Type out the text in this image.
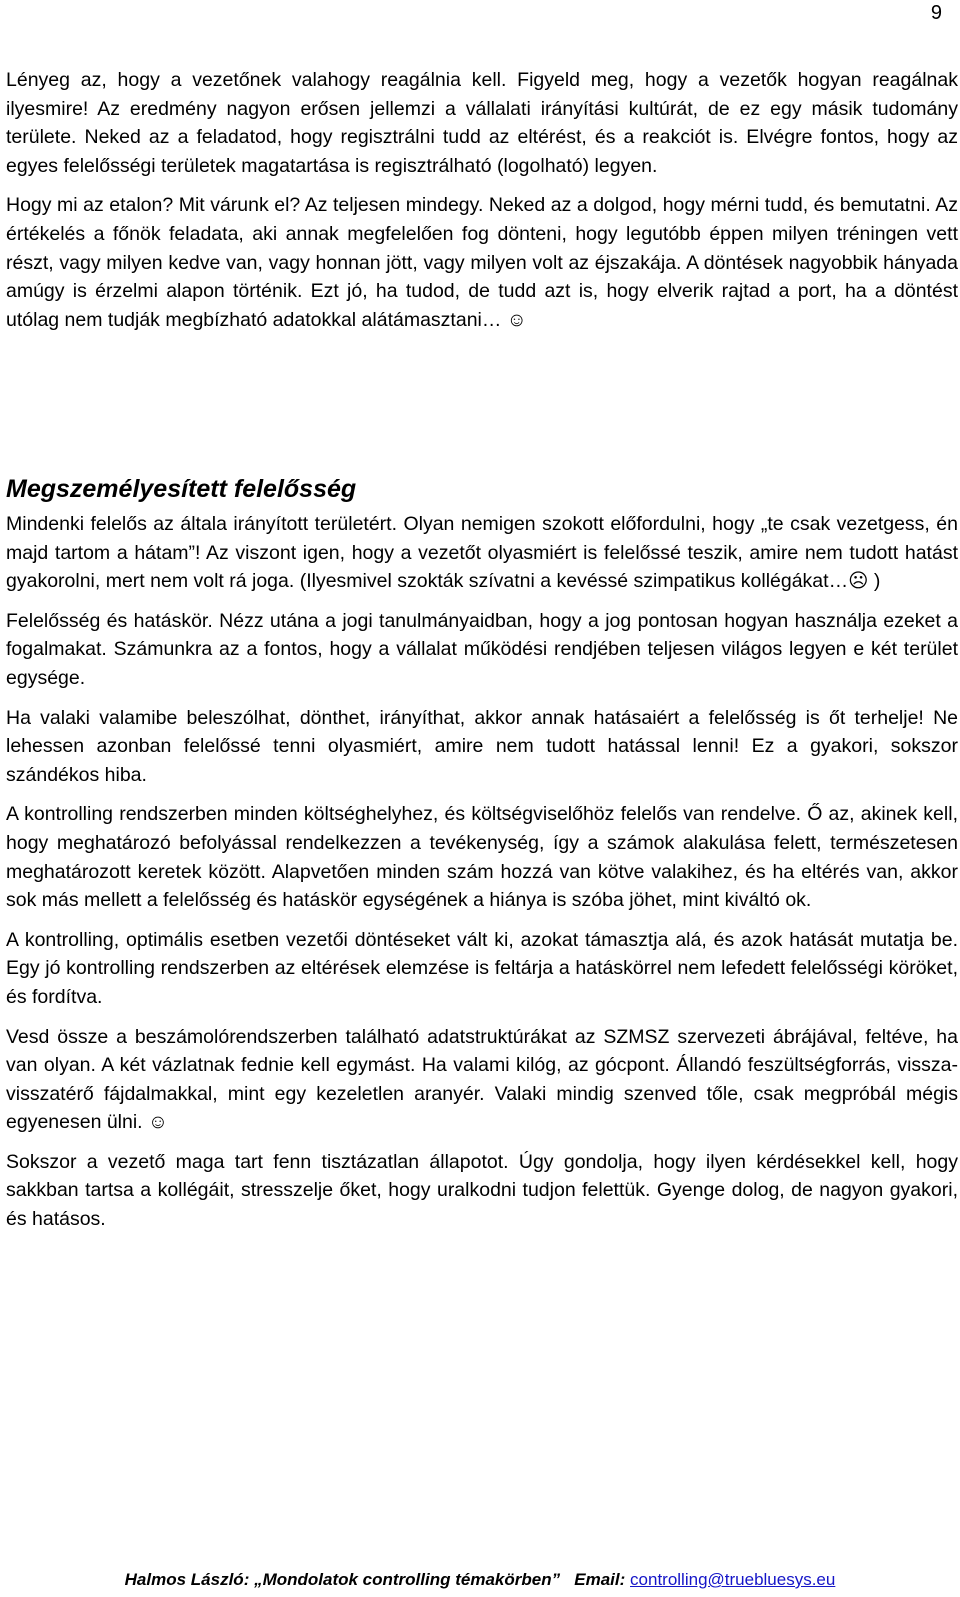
9

Lényeg az, hogy a vezetőnek valahogy reagálnia kell. Figyeld meg, hogy a vezetők hogyan reagálnak ilyesmire! Az eredmény nagyon erősen jellemzi a vállalati irányítási kultúrát, de ez egy másik tudomány területe. Neked az a feladatod, hogy regisztrálni tudd az eltérést, és a reakciót is. Elvégre fontos, hogy az egyes felelősségi területek magatartása is regisztrálható (logolható) legyen.

Hogy mi az etalon? Mit várunk el? Az teljesen mindegy. Neked az a dolgod, hogy mérni tudd, és bemutatni. Az értékelés a főnök feladata, aki annak megfelelően fog dönteni, hogy legutóbb éppen milyen tréningen vett részt, vagy milyen kedve van, vagy honnan jött, vagy milyen volt az éjszakája. A döntések nagyobbik hányada amúgy is érzelmi alapon történik. Ezt jó, ha tudod, de tudd azt is, hogy elverik rajtad a port, ha a döntést utólag nem tudják megbízható adatokkal alátámasztani… ☺

Megszemélyesített felelősség

Mindenki felelős az általa irányított területért. Olyan nemigen szokott előfordulni, hogy „te csak vezetgess, én majd tartom a hátam”! Az viszont igen, hogy a vezetőt olyasmiért is felelőssé teszik, amire nem tudott hatást gyakorolni, mert nem volt rá joga. (Ilyesmivel szokták szívatni a kevéssé szimpatikus kollégákat…☹ )

Felelősség és hatáskör. Nézz utána a jogi tanulmányaidban, hogy a jog pontosan hogyan használja ezeket a fogalmakat. Számunkra az a fontos, hogy a vállalat működési rendjében teljesen világos legyen e két terület egysége.

Ha valaki valamibe beleszólhat, dönthet, irányíthat, akkor annak hatásaiért a felelősség is őt terhelje! Ne lehessen azonban felelőssé tenni olyasmiért, amire nem tudott hatással lenni! Ez a gyakori, sokszor szándékos hiba.

A kontrolling rendszerben minden költséghelyhez, és költségviselőhöz felelős van rendelve. Ő az, akinek kell, hogy meghatározó befolyással rendelkezzen a tevékenység, így a számok alakulása felett, természetesen meghatározott keretek között. Alapvetően minden szám hozzá van kötve valakihez, és ha eltérés van, akkor sok más mellett a felelősség és hatáskör egységének a hiánya is szóba jöhet, mint kiváltó ok.

A kontrolling, optimális esetben vezetői döntéseket vált ki, azokat támasztja alá, és azok hatását mutatja be. Egy jó kontrolling rendszerben az eltérések elemzése is feltárja a hatáskörrel nem lefedett felelősségi köröket, és fordítva.

Vesd össze a beszámolórendszerben található adatstruktúrákat az SZMSZ szervezeti ábrájával, feltéve, ha van olyan. A két vázlatnak fednie kell egymást. Ha valami kilóg, az gócpont. Állandó feszültségforrás, vissza-visszatérő fájdalmakkal, mint egy kezeletlen aranyér. Valaki mindig szenved tőle, csak megpróbál mégis egyenesen ülni. ☺

Sokszor a vezető maga tart fenn tisztázatlan állapotot. Úgy gondolja, hogy ilyen kérdésekkel kell, hogy sakkban tartsa a kollégáit, stresszelje őket, hogy uralkodni tudjon felettük. Gyenge dolog, de nagyon gyakori, és hatásos.

Halmos László: „Mondolatok controlling témakörben” Email: controlling@truebluesys.eu
